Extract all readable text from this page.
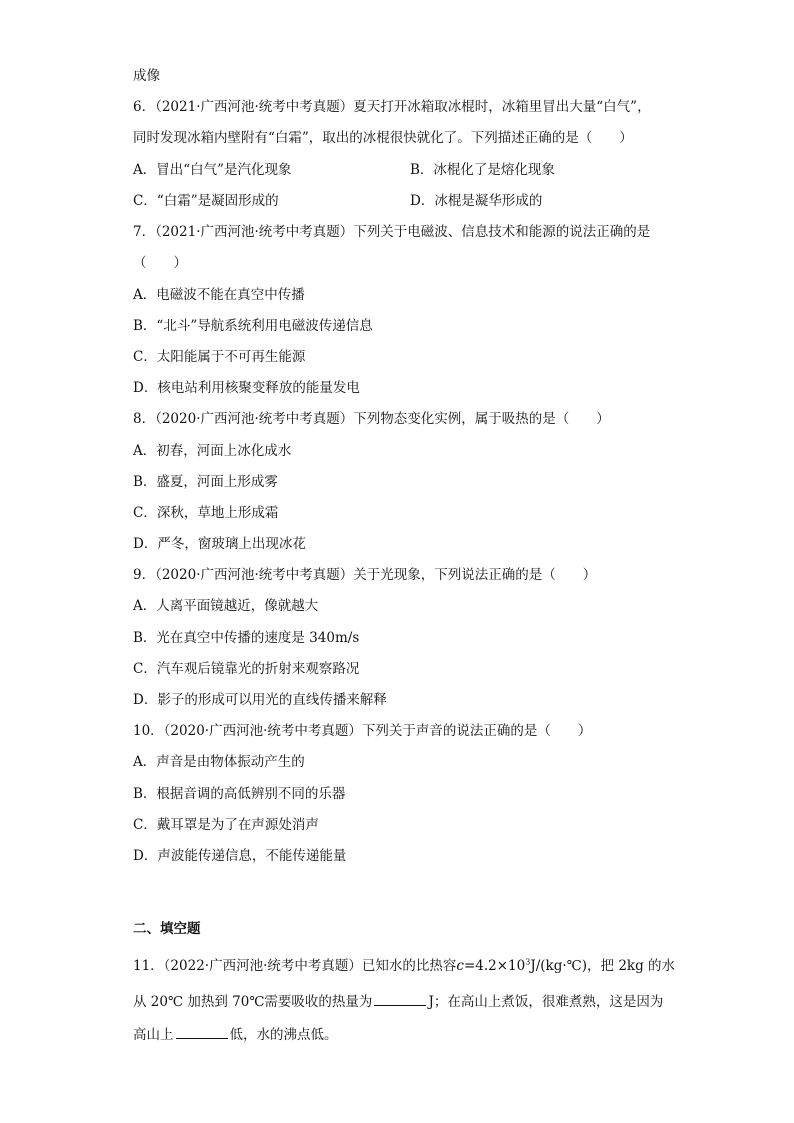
成像
6．（2021·广西河池·统考中考真题）夏天打开冰箱取冰棍时，冰箱里冒出大量“白气”，
同时发现冰箱内壁附有“白霜”，取出的冰棍很快就化了。下列描述正确的是（　　）
A．冒出“白气”是汽化现象	B．冰棍化了是熔化现象
C．“白霜”是凝固形成的	D．冰棍是凝华形成的
7．（2021·广西河池·统考中考真题）下列关于电磁波、信息技术和能源的说法正确的是
（　　）
A．电磁波不能在真空中传播
B．“北斗”导航系统利用电磁波传递信息
C．太阳能属于不可再生能源
D．核电站利用核聚变释放的能量发电
8．（2020·广西河池·统考中考真题）下列物态变化实例，属于吸热的是（　　）
A．初春，河面上冰化成水
B．盛夏，河面上形成雾
C．深秋，草地上形成霜
D．严冬，窗玻璃上出现冰花
9．（2020·广西河池·统考中考真题）关于光现象，下列说法正确的是（　　）
A．人离平面镜越近，像就越大
B．光在真空中传播的速度是 340m/s
C．汽车观后镜靠光的折射来观察路况
D．影子的形成可以用光的直线传播来解释
10．（2020·广西河池·统考中考真题）下列关于声音的说法正确的是（　　）
A．声音是由物体振动产生的
B．根据音调的高低辨别不同的乐器
C．戴耳罩是为了在声源处消声
D．声波能传递信息，不能传递能量
二、填空题
11．（2022·广西河池·统考中考真题）已知水的比热容$c=4.2\times 10^3J/(kg\cdot℃)$，把 2kg 的水
从 20℃ 加热到 70℃需要吸收的热量为	J；在高山上煮饭，很难煮熟，这是因为
高山上	低，水的沸点低。
